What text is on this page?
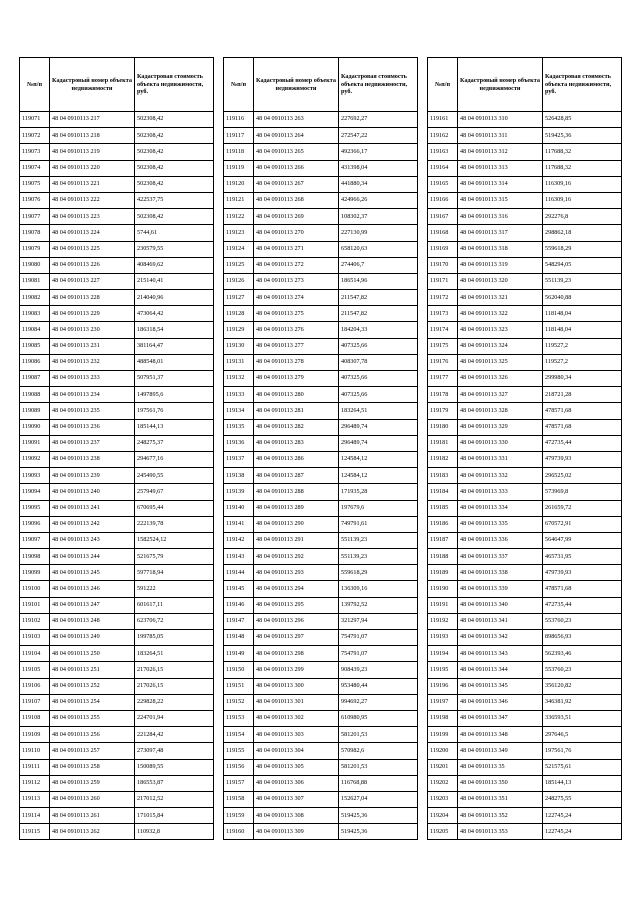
№п/п	Кадастровый номер объекта недвижимости	Кадастровая стоимость объекта недвижимости, руб.
119071	48 04 0910113 217	502308,42
119072	48 04 0910113 218	502308,42
119073	48 04 0910113 219	502308,42
119074	48 04 0910113 220	502308,42
119075	48 04 0910113 221	502308,42
119076	48 04 0910113 222	422537,75
119077	48 04 0910113 223	502308,42
119078	48 04 0910113 224	5744,61
119079	48 04 0910113 225	230579,55
119080	48 04 0910113 226	408469,62
119081	48 04 0910113 227	215140,41
119082	48 04 0910113 228	214040,96
119083	48 04 0910113 229	473064,42
119084	48 04 0910113 230	186318,54
119085	48 04 0910113 231	381164,47
119086	48 04 0910113 232	488548,01
119087	48 04 0910113 233	507951,37
119088	48 04 0910113 234	1497895,6
119089	48 04 0910113 235	197561,76
119090	48 04 0910113 236	185144,13
119091	48 04 0910113 237	248275,37
119092	48 04 0910113 238	294677,16
119093	48 04 0910113 239	245490,55
119094	48 04 0910113 240	257949,67
119095	48 04 0910113 241	670695,44
119096	48 04 0910113 242	222139,78
119097	48 04 0910113 243	1582524,12
119098	48 04 0910113 244	521675,79
119099	48 04 0910113 245	597718,94
119100	48 04 0910113 246	591222
119101	48 04 0910113 247	601617,11
119102	48 04 0910113 248	623706,72
119103	48 04 0910113 249	199785,05
119104	48 04 0910113 250	183264,51
119105	48 04 0910113 251	217026,15
119106	48 04 0910113 252	217026,15
119107	48 04 0910113 254	229828,22
119108	48 04 0910113 255	224701,94
119109	48 04 0910113 256	221284,42
119110	48 04 0910113 257	273097,48
119111	48 04 0910113 258	150089,55
119112	48 04 0910113 259	186553,87
119113	48 04 0910113 260	217012,52
119114	48 04 0910113 261	171015,84
119115	48 04 0910113 262	110932,8
№п/п	Кадастровый номер объекта недвижимости	Кадастровая стоимость объекта недвижимости, руб.
119116	48 04 0910113 263	227692,27
119117	48 04 0910113 264	272547,22
119118	48 04 0910113 265	492366,17
119119	48 04 0910113 266	431398,04
119120	48 04 0910113 267	441880,34
119121	48 04 0910113 268	424966,26
119122	48 04 0910113 269	108302,37
119123	48 04 0910113 270	227130,99
119124	48 04 0910113 271	658120,63
119125	48 04 0910113 272	274406,7
119126	48 04 0910113 273	186514,96
119127	48 04 0910113 274	211547,82
119128	48 04 0910113 275	211547,82
119129	48 04 0910113 276	184204,33
119130	48 04 0910113 277	407325,66
119131	48 04 0910113 278	408307,78
119132	48 04 0910113 279	407325,66
119133	48 04 0910113 280	407325,66
119134	48 04 0910113 281	183264,51
119135	48 04 0910113 282	296489,74
119136	48 04 0910113 283	296489,74
119137	48 04 0910113 286	124584,12
119138	48 04 0910113 287	124584,12
119139	48 04 0910113 288	171935,28
119140	48 04 0910113 289	197679,6
119141	48 04 0910113 290	749791,61
119142	48 04 0910113 291	551139,23
119143	48 04 0910113 292	551139,23
119144	48 04 0910113 293	559618,29
119145	48 04 0910113 294	136309,16
119146	48 04 0910113 295	139792,52
119147	48 04 0910113 296	321297,94
119148	48 04 0910113 297	754791,07
119149	48 04 0910113 298	754791,07
119150	48 04 0910113 299	908439,23
119151	48 04 0910113 300	953480,44
119152	48 04 0910113 301	994692,27
119153	48 04 0910113 302	610980,95
119154	48 04 0910113 303	581201,53
119155	48 04 0910113 304	570982,6
119156	48 04 0910113 305	581201,53
119157	48 04 0910113 306	116768,88
119158	48 04 0910113 307	152627,04
119159	48 04 0910113 308	519425,36
119160	48 04 0910113 309	519425,36
№п/п	Кадастровый номер объекта недвижимости	Кадастровая стоимость объекта недвижимости, руб.
119161	48 04 0910113 310	526428,85
119162	48 04 0910113 311	519425,36
119163	48 04 0910113 312	117688,32
119164	48 04 0910113 313	117688,32
119165	48 04 0910113 314	116309,16
119166	48 04 0910113 315	116309,16
119167	48 04 0910113 316	292276,8
119168	48 04 0910113 317	298862,18
119169	48 04 0910113 318	559618,29
119170	48 04 0910113 319	548294,05
119171	48 04 0910113 320	551139,23
119172	48 04 0910113 321	562040,88
119173	48 04 0910113 322	118148,04
119174	48 04 0910113 323	118148,04
119175	48 04 0910113 324	119527,2
119176	48 04 0910113 325	119527,2
119177	48 04 0910113 326	299980,34
119178	48 04 0910113 327	218721,28
119179	48 04 0910113 328	478571,68
119180	48 04 0910113 329	478571,68
119181	48 04 0910113 330	472735,44
119182	48 04 0910113 331	479739,93
119183	48 04 0910113 332	296525,02
119184	48 04 0910113 333	573969,8
119185	48 04 0910113 334	261659,72
119186	48 04 0910113 335	670572,91
119187	48 04 0910113 336	564647,99
119188	48 04 0910113 337	465731,95
119189	48 04 0910113 338	479739,93
119190	48 04 0910113 339	478571,68
119191	48 04 0910113 340	472735,44
119192	48 04 0910113 341	553760,23
119193	48 04 0910113 342	898656,93
119194	48 04 0910113 343	562393,46
119195	48 04 0910113 344	553760,23
119196	48 04 0910113 345	356120,82
119197	48 04 0910113 346	346381,92
119198	48 04 0910113 347	336593,51
119199	48 04 0910113 348	297646,5
119200	48 04 0910113 349	197561,76
119201	48 04 0910113 35	521575,61
119202	48 04 0910113 350	185144,13
119203	48 04 0910113 351	248275,55
119204	48 04 0910113 352	122745,24
119205	48 04 0910113 353	122745,24
